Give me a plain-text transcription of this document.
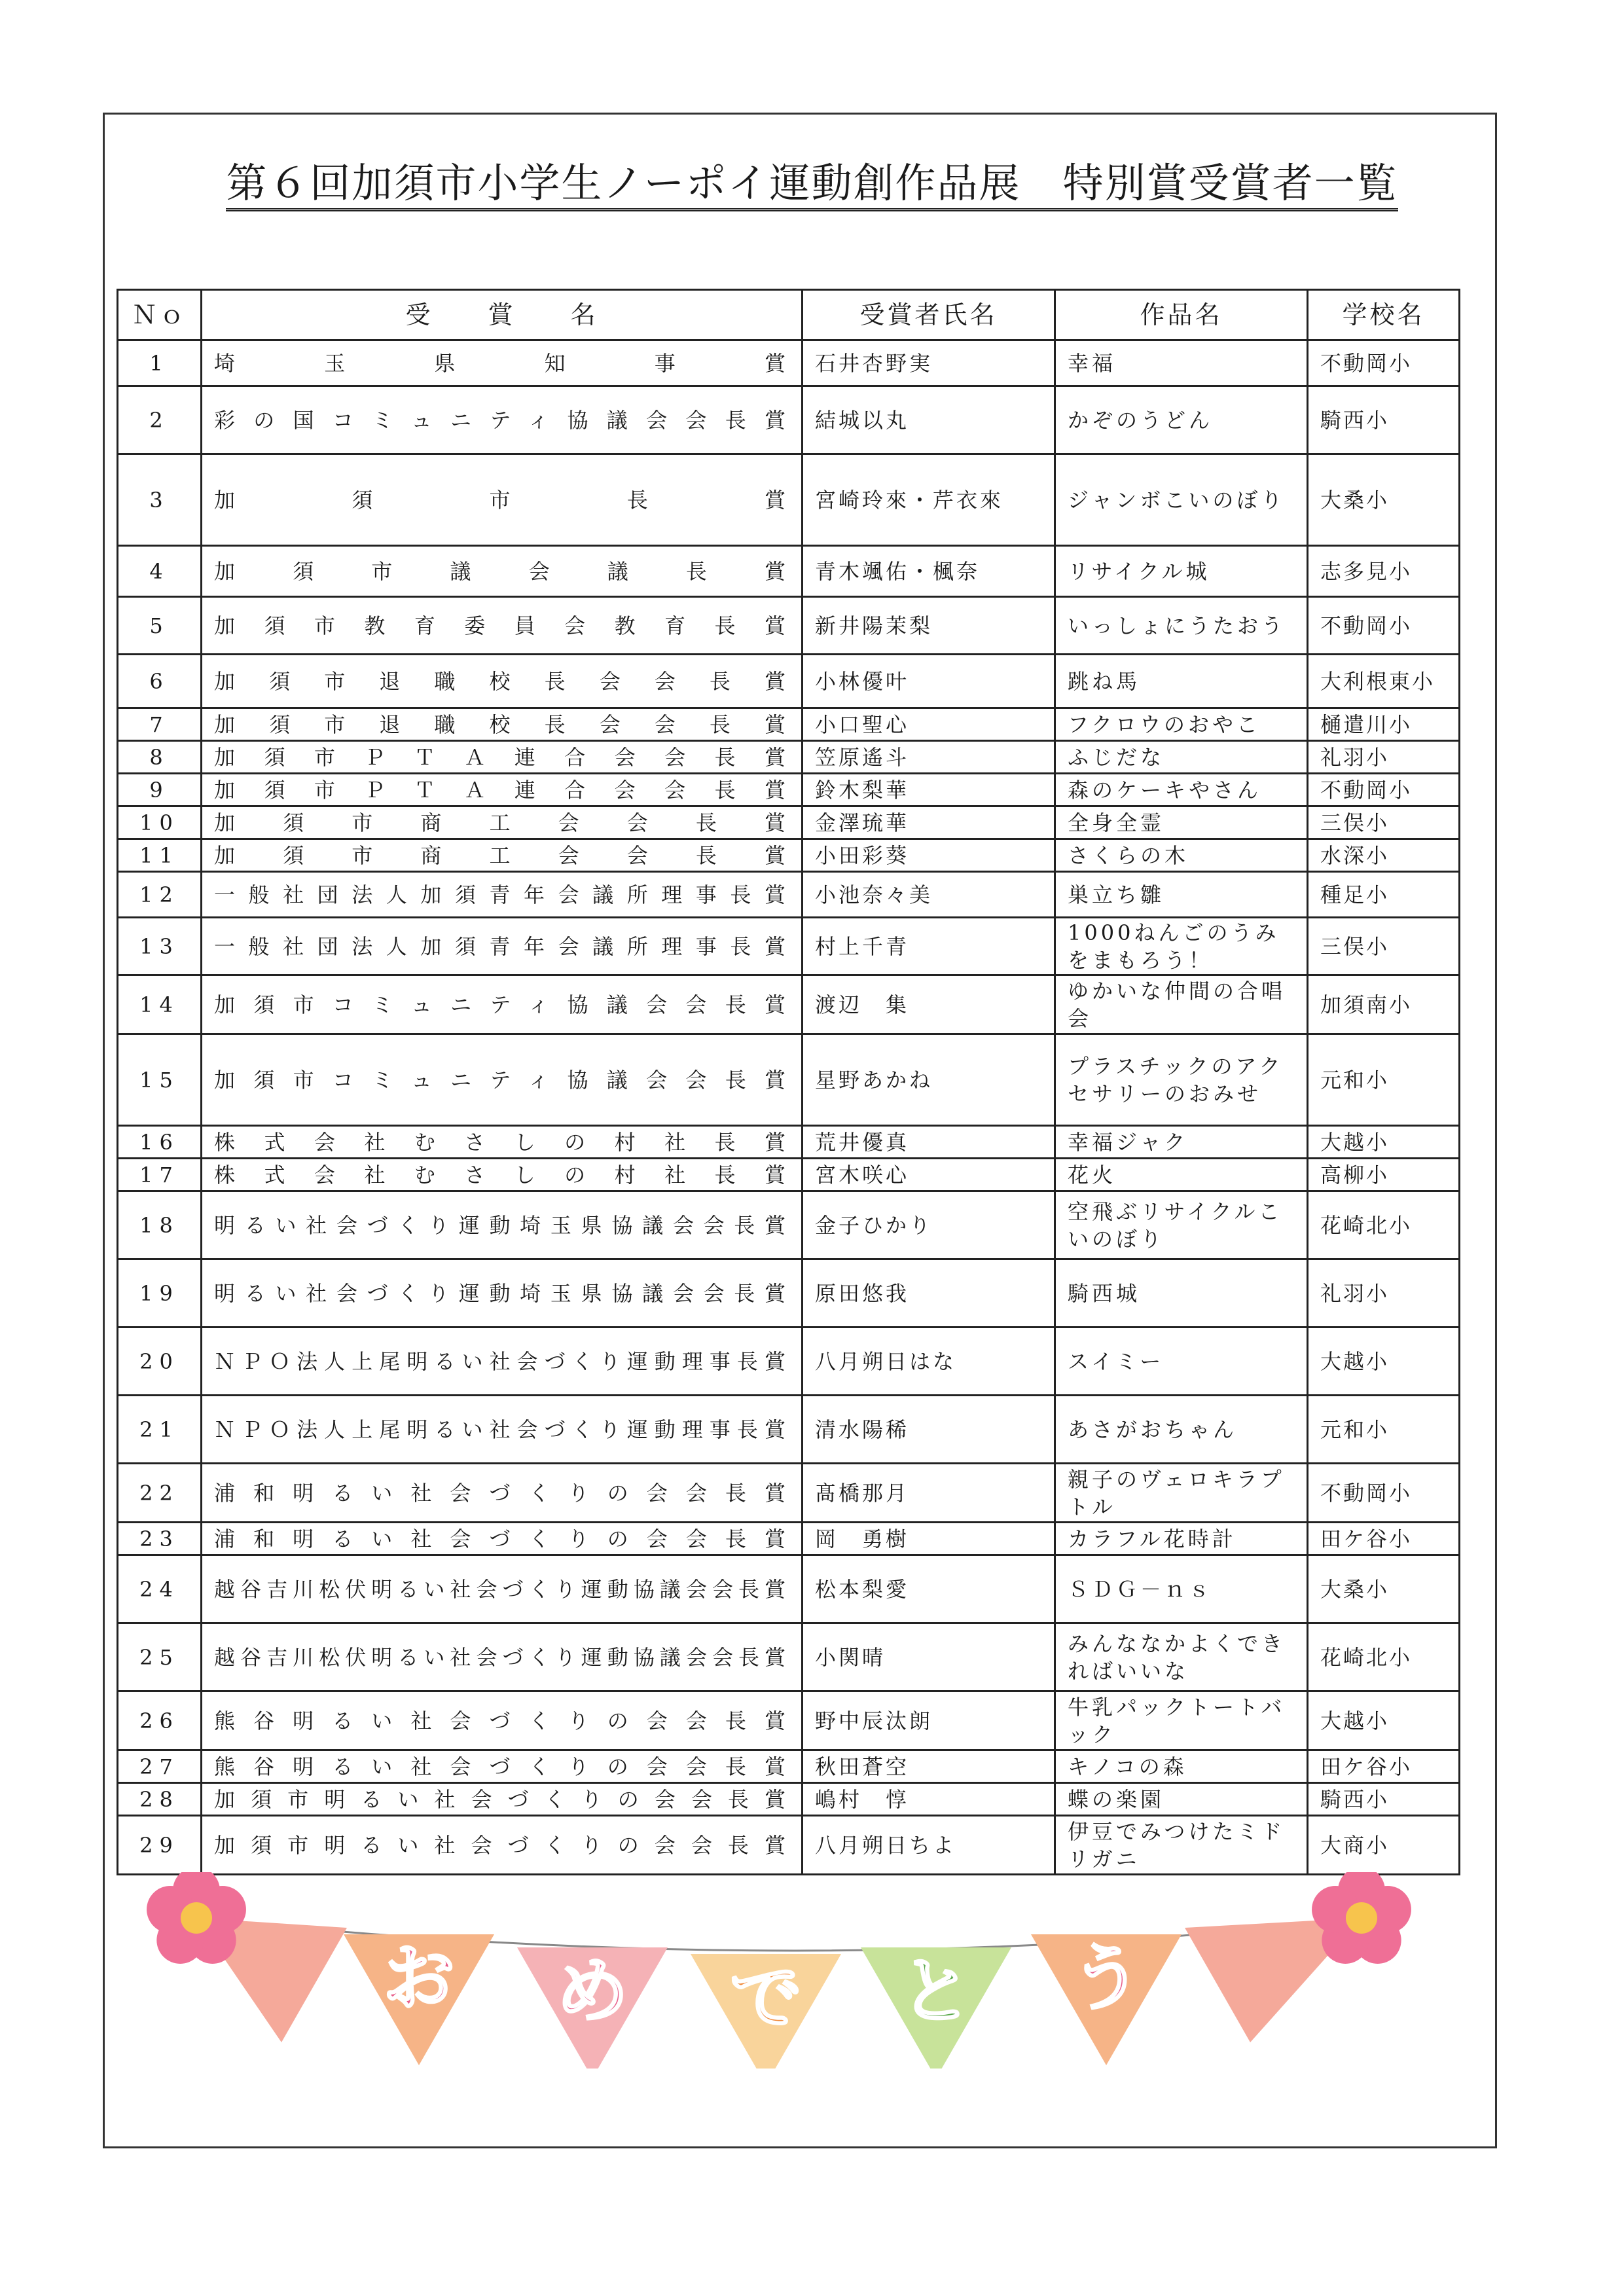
第６回加須市小学生ノーポイ運動創作品展　特別賞受賞者一覧
Ｎｏ	受　　賞　　名	受賞者氏名	作品名	学校名
1	埼玉県知事賞	石井杏野実	幸福	不動岡小
2	彩の国コミュニティ協議会会長賞	結城以丸	かぞのうどん	騎西小
3	加須市長賞	宮崎玲來・芹衣來	ジャンボこいのぼり	大桑小
4	加須市議会議長賞	青木颯佑・楓奈	リサイクル城	志多見小
5	加須市教育委員会教育長賞	新井陽茉梨	いっしょにうたおう	不動岡小
6	加須市退職校長会会長賞	小林優叶	跳ね馬	大利根東小
7	加須市退職校長会会長賞	小口聖心	フクロウのおやこ	樋遣川小
8	加須市ＰＴＡ連合会会長賞	笠原遙斗	ふじだな	礼羽小
9	加須市ＰＴＡ連合会会長賞	鈴木梨華	森のケーキやさん	不動岡小
10	加須市商工会会長賞	金澤琉華	全身全霊	三俣小
11	加須市商工会会長賞	小田彩葵	さくらの木	水深小
12	一般社団法人加須青年会議所理事長賞	小池奈々美	巣立ち雛	種足小
13	一般社団法人加須青年会議所理事長賞	村上千青	1000ねんごのうみをまもろう！	三俣小
14	加須市コミュニティ協議会会長賞	渡辺　集	ゆかいな仲間の合唱会	加須南小
15	加須市コミュニティ協議会会長賞	星野あかね	プラスチックのアクセサリーのおみせ	元和小
16	株式会社むさしの村社長賞	荒井優真	幸福ジャク	大越小
17	株式会社むさしの村社長賞	宮木咲心	花火	高柳小
18	明るい社会づくり運動埼玉県協議会会長賞	金子ひかり	空飛ぶリサイクルこいのぼり	花崎北小
19	明るい社会づくり運動埼玉県協議会会長賞	原田悠我	騎西城	礼羽小
20	ＮＰＯ法人上尾明るい社会づくり運動理事長賞	八月朔日はな	スイミー	大越小
21	ＮＰＯ法人上尾明るい社会づくり運動理事長賞	清水陽稀	あさがおちゃん	元和小
22	浦和明るい社会づくりの会会長賞	髙橋那月	親子のヴェロキラプトル	不動岡小
23	浦和明るい社会づくりの会会長賞	岡　勇樹	カラフル花時計	田ケ谷小
24	越谷吉川松伏明るい社会づくり運動協議会会長賞	松本梨愛	ＳＤＧ－ｎｓ	大桑小
25	越谷吉川松伏明るい社会づくり運動協議会会長賞	小関晴	みんななかよくできればいいな	花崎北小
26	熊谷明るい社会づくりの会会長賞	野中辰汰朗	牛乳パックトートバック	大越小
27	熊谷明るい社会づくりの会会長賞	秋田蒼空	キノコの森	田ケ谷小
28	加須市明るい社会づくりの会会長賞	嶋村　惇	蝶の楽園	騎西小
29	加須市明るい社会づくりの会会長賞	八月朔日ちよ	伊豆でみつけたミドリガニ	大商小
お め で と う
